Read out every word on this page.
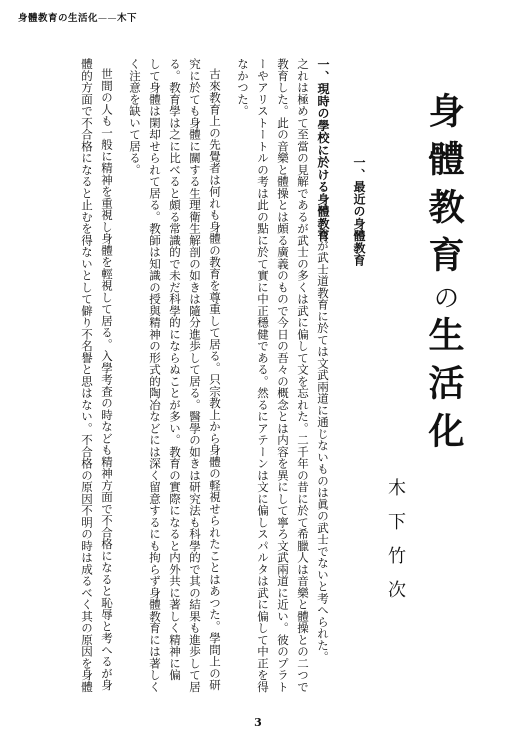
身體教育の生活化——木下
身體教育の生活化
木下竹次
一、現時の學校に於ける身體教育
我が武士道教育に於ては文武兩道に通じないものは眞の武士でないと考へられた。
之れは極めて至當の見解であるが武士の多くは武に偏して文を忘れた。二千年の昔に於て希臘人は音樂と體操との二つで
教育した。此の音樂と體操とは頗る廣義のもので今日の吾々の概念とは内容を異にして寧ろ文武兩道に近い。彼のプラト
ーやアリストートルの考は此の點に於て實に中正穩健である。然るにアテーンは文に偏しスパルタは武に偏して中正を得
なかつた。
一、最近の身體教育
古來教育上の先覺者は何れも身體の教育を尊重して居る。只宗教上から身體の軽視せられたことはあつた。學問上の研
究に於ても身體に關する生理衛生解剖の如きは隨分進歩して居る。醫學の如きは研究法も科學的で其の結果も進歩して居
る。教育學は之に比べると頗る常識的で未だ科學的にならぬことが多い。教育の實際になると内外共に著しく精神に偏
して身體は閑却せられて居る。教師は知識の授與精神の形式的陶冶などには深く留意するにも拘らず身體教育には著しく
く注意を缺いて居る。
世間の人も一般に精神を重視し身體を輕視して居る。入學考査の時なども精神方面で不合格になると恥辱と考へるが身
體的方面で不合格になると止むを得ないとして僻り不名譽と思はない。不合格の原因不明の時は成るべく其の原因を身體
3
